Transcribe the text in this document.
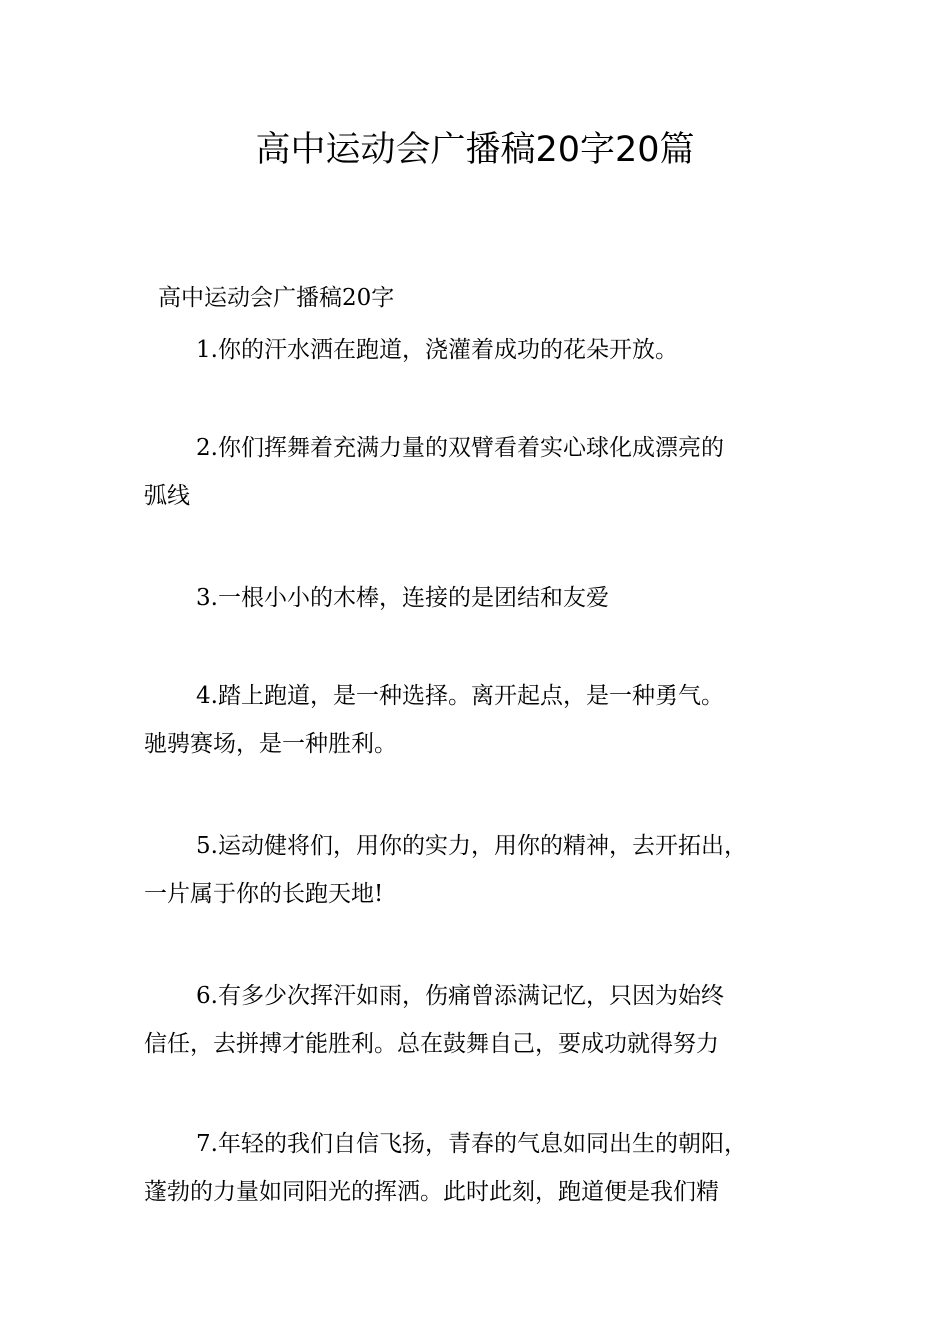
高中运动会广播稿20字20篇
高中运动会广播稿20字

1.你的汗水洒在跑道，浇灌着成功的花朵开放。

2.你们挥舞着充满力量的双臂看着实心球化成漂亮的
弧线

3.一根小小的木棒，连接的是团结和友爱

4.踏上跑道，是一种选择。离开起点，是一种勇气。
驰骋赛场，是一种胜利。

5.运动健将们，用你的实力，用你的精神，去开拓出，
一片属于你的长跑天地!

6.有多少次挥汗如雨，伤痛曾添满记忆，只因为始终
信任，去拼搏才能胜利。总在鼓舞自己，要成功就得努力

7.年轻的我们自信飞扬，青春的气息如同出生的朝阳，
蓬勃的力量如同阳光的挥洒。此时此刻，跑道便是我们精
